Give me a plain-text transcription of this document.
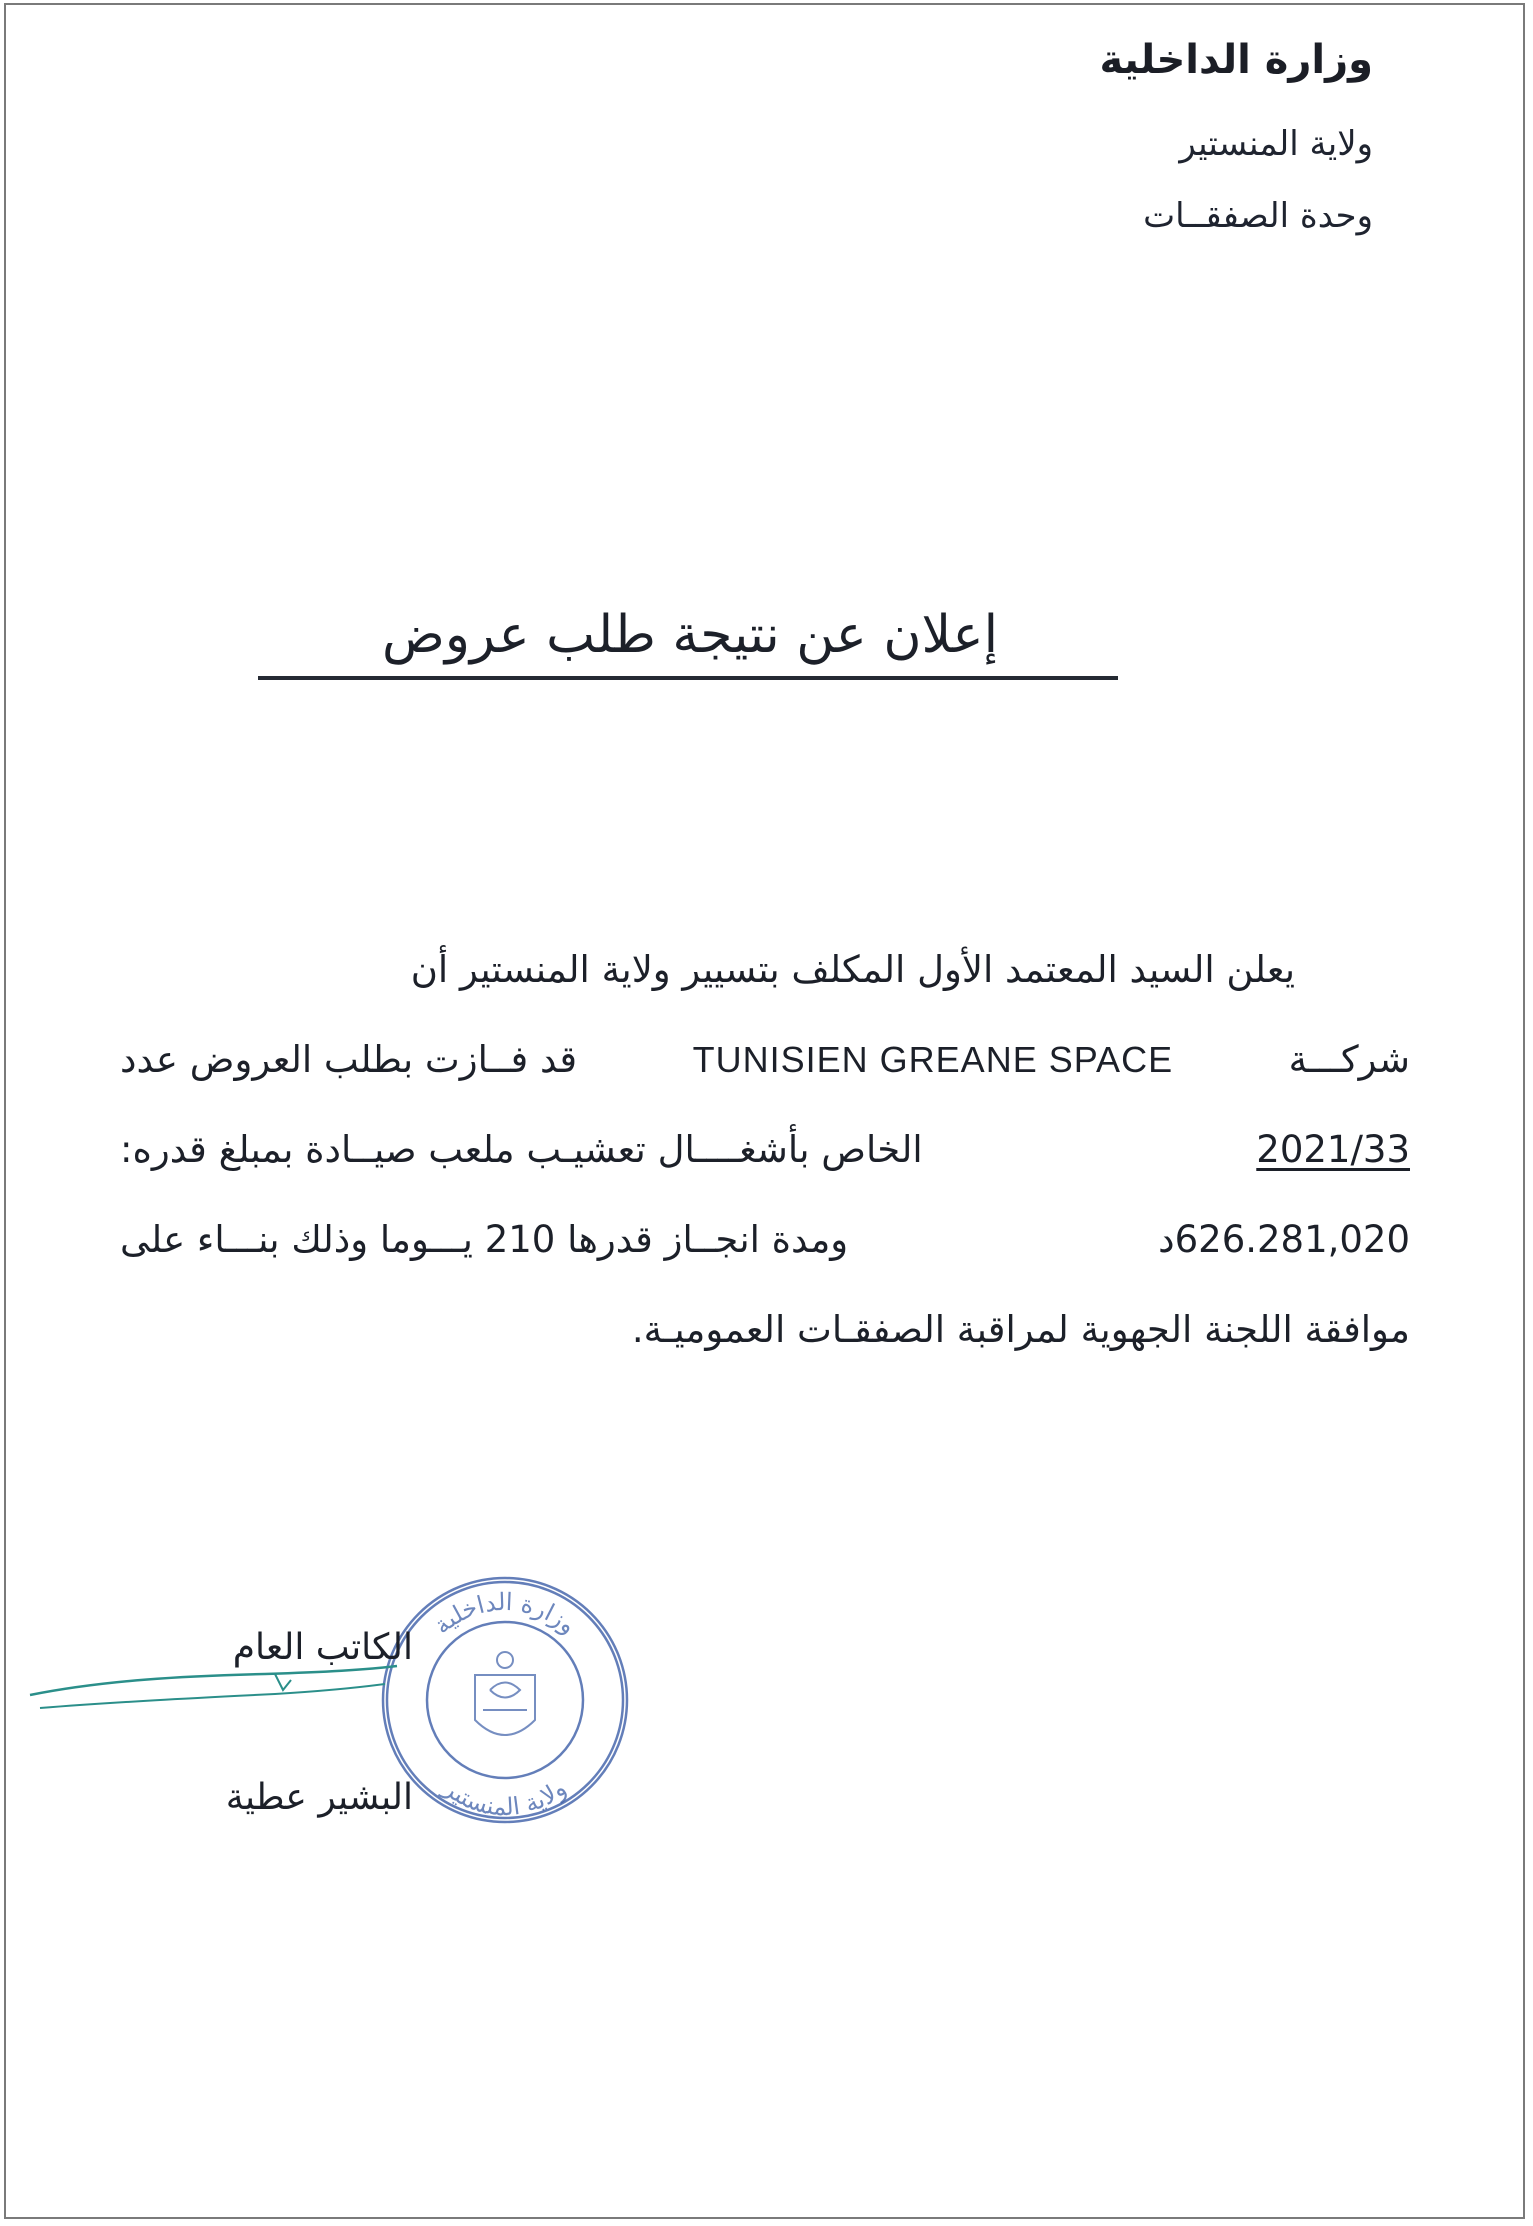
وزارة الداخلية

ولاية المنستير

وحدة الصفقــات

إعلان عن نتيجة طلب عروض
يعلن السيد المعتمد الأول المكلف بتسيير ولاية المنستير أن
شركـــة
TUNISIEN GREANE SPACE
قد فــازت بطلب العروض عدد
2021/33
الخاص بأشغــــال تعشيـب ملعب صيــادة بمبلغ قدره:
626.281,020د
ومدة انجــاز قدرها 210 يـــوما وذلك بنـــاء على
موافقة اللجنة الجهوية لمراقبة الصفقـات العموميـة.
وزارة الداخلية
ولاية المنستير

الكاتب العام

البشير عطية
